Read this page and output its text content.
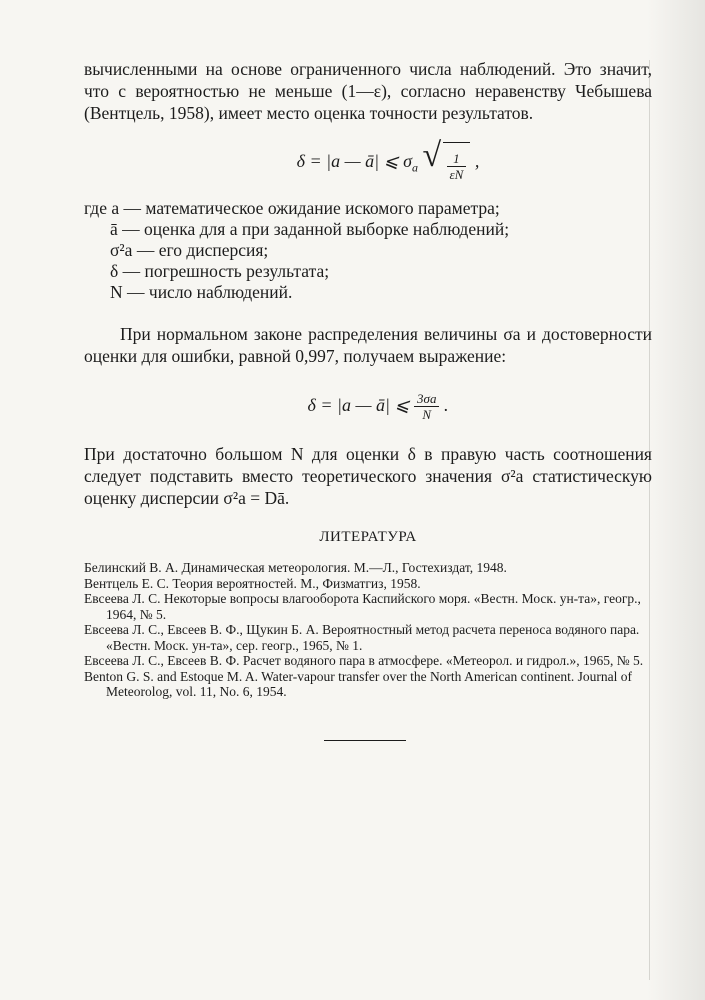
вычисленными на основе ограниченного числа наблюдений. Это значит, что с вероятностью не меньше (1—ε), согласно неравенству Чебышева (Вентцель, 1958), имеет место оценка точности результатов.

δ = |a — ā| ⩽ $\sigma_a$ √ $\frac{1}{\varepsilon N}$ ,
где a — математическое ожидание искомого параметра;
ā — оценка для a при заданной выборке наблюдений;
σ²a — его дисперсия;
δ — погрешность результата;
N — число наблюдений.

При нормальном законе распределения величины σa и достоверности оценки для ошибки, равной 0,997, получаем выражение:

δ = |a — ā| ⩽ $\frac{3\sigma a}{N}$ .

При достаточно большом N для оценки δ в правую часть соотношения следует подставить вместо теоретического значения σ²a статистическую оценку дисперсии σ²a = Dā.

ЛИТЕРАТУРА

Белинский В. А. Динамическая метеорология. М.—Л., Гостехиздат, 1948.

Вентцель Е. С. Теория вероятностей. М., Физматгиз, 1958.

Евсеева Л. С. Некоторые вопросы влагооборота Каспийского моря. «Вестн. Моск. ун-та», геогр., 1964, № 5.

Евсеева Л. С., Евсеев В. Ф., Щукин Б. А. Вероятностный метод расчета переноса водяного пара. «Вестн. Моск. ун-та», сер. геогр., 1965, № 1.

Евсеева Л. С., Евсеев В. Ф. Расчет водяного пара в атмосфере. «Метеорол. и гидрол.», 1965, № 5.

Benton G. S. and Estoque M. A. Water-vapour transfer over the North American continent. Journal of Meteorolog, vol. 11, No. 6, 1954.
